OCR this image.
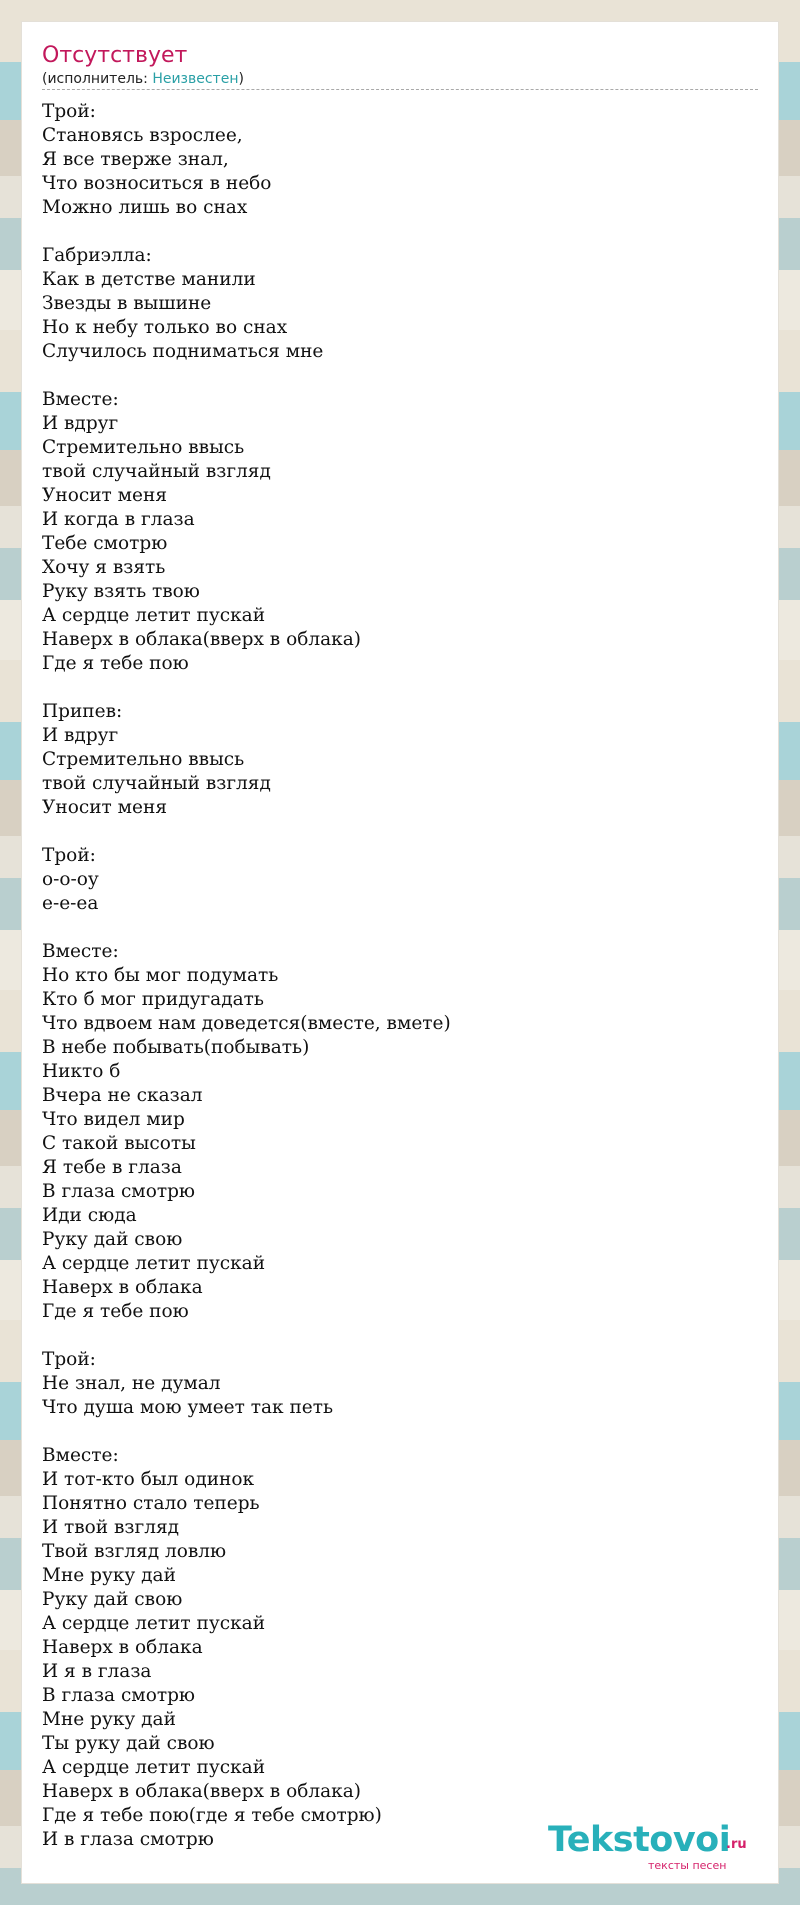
Отсутствует
(исполнитель: Неизвестен)
Трой:
Становясь взрослее,
Я все тверже знал,
Что возноситься в небо
Можно лишь во снах

Габриэлла:
Как в детстве манили
Звезды в вышине
Но к небу только во снах
Случилось подниматься мне

Вместе:
И вдруг
Стремительно ввысь
твой случайный взгляд
Уносит меня
И когда в глаза
Тебе смотрю
Хочу я взять
Руку взять твою
А сердце летит пускай
Наверх в облака(вверх в облака)
Где я тебе пою

Припев:
И вдруг
Стремительно ввысь
твой случайный взгляд
Уносит меня

Трой:
о-о-оу
е-е-еа

Вместе:
Но кто бы мог подумать
Кто б мог придугадать
Что вдвоем нам доведется(вместе, вмете)
В небе побывать(побывать)
Никто б
Вчера не сказал
Что видел мир
С такой высоты
Я тебе в глаза
В глаза смотрю
Иди сюда
Руку дай свою
А сердце летит пускай
Наверх в облака
Где я тебе пою

Трой:
Не знал, не думал
Что душа мою умеет так петь

Вместе:
И тот-кто был одинок
Понятно стало теперь
И твой взгляд
Твой взгляд ловлю
Мне руку дай
Руку дай свою
А сердце летит пускай
Наверх в облака
И я в глаза
В глаза смотрю
Мне руку дай
Ты руку дай свою
А сердце летит пускай
Наверх в облака(вверх в облака)
Где я тебе пою(где я тебе смотрю)
И в глаза смотрю	Tekstovoi
.ru
тексты песен
